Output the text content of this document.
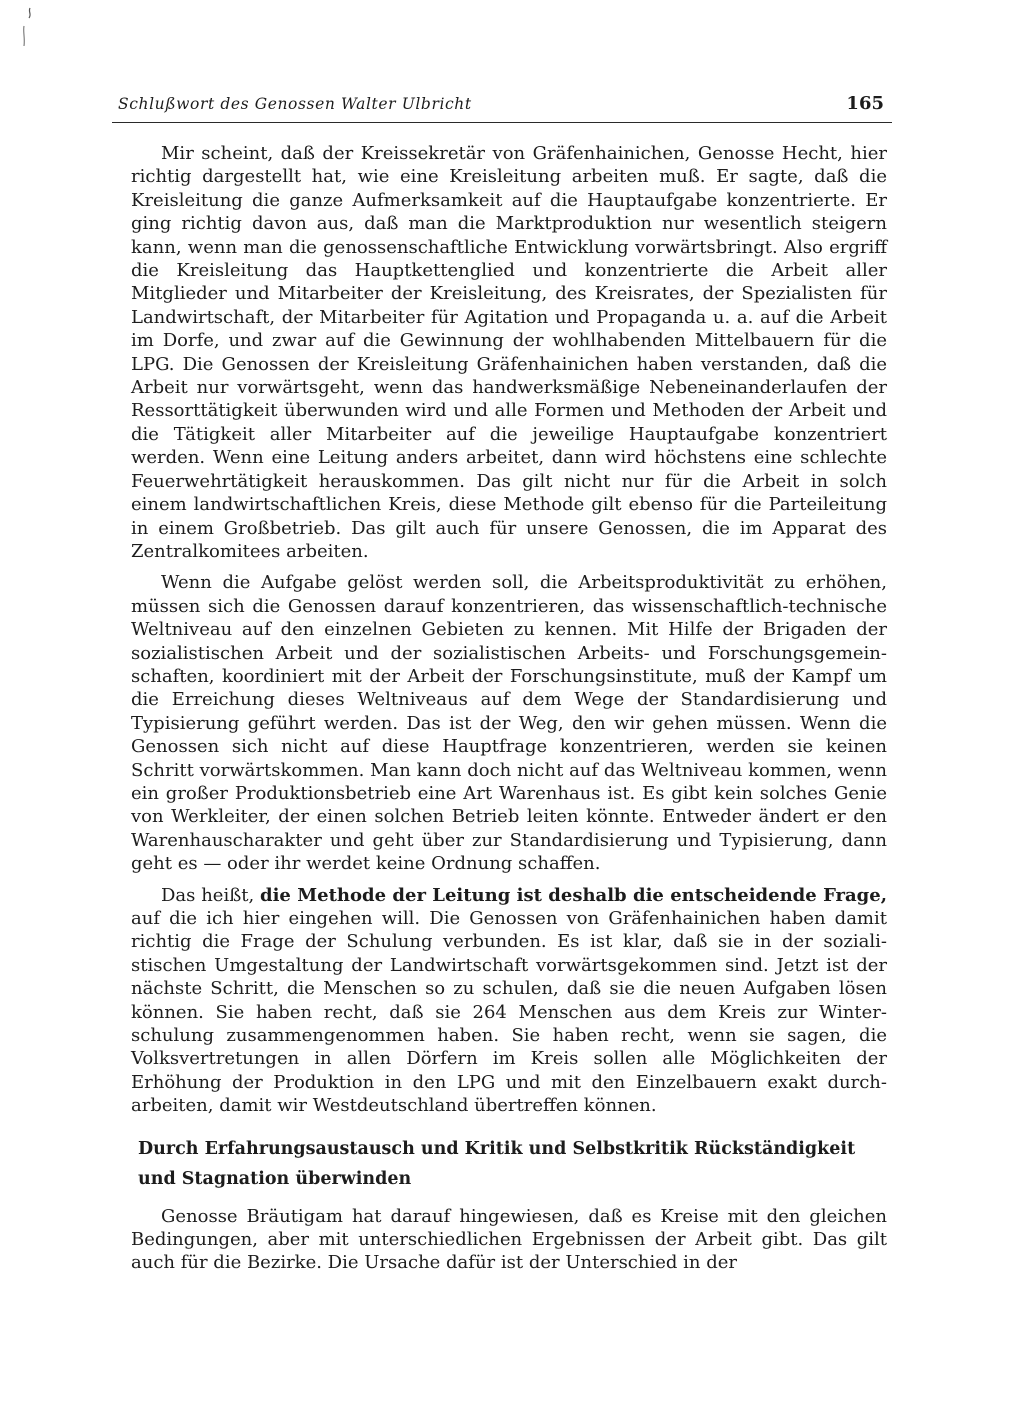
Schlußwort des Genossen Walter Ulbricht	165

Mir scheint, daß der Kreissekretär von Gräfenhainichen, Genosse Hecht, hier richtig dargestellt hat, wie eine Kreisleitung arbeiten muß. Er sagte, daß die Kreisleitung die ganze Aufmerksamkeit auf die Hauptaufgabe konzentrierte. Er ging richtig davon aus, daß man die Marktproduktion nur wesentlich steigern kann, wenn man die genossenschaftliche Entwicklung vorwärtsbringt. Also ergriff die Kreisleitung das Hauptkettenglied und konzentrierte die Arbeit aller Mitglieder und Mitarbeiter der Kreisleitung, des Kreisrates, der Spezialisten für Landwirtschaft, der Mitarbeiter für Agitation und Propaganda u. a. auf die Arbeit im Dorfe, und zwar auf die Gewinnung der wohlhabenden Mittelbauern für die LPG. Die Genossen der Kreisleitung Gräfenhainichen haben verstanden, daß die Arbeit nur vorwärtsgeht, wenn das handwerksmäßige Nebeneinanderlaufen der Ressorttätigkeit überwunden wird und alle Formen und Methoden der Arbeit und die Tätigkeit aller Mitarbeiter auf die jeweilige Hauptaufgabe konzentriert werden. Wenn eine Leitung anders arbeitet, dann wird höchstens eine schlechte Feuerwehrtätigkeit herauskommen. Das gilt nicht nur für die Arbeit in solch einem landwirtschaftlichen Kreis, diese Methode gilt ebenso für die Parteileitung in einem Großbetrieb. Das gilt auch für unsere Genossen, die im Apparat des Zentralkomitees arbeiten.

Wenn die Aufgabe gelöst werden soll, die Arbeitsproduktivität zu erhöhen, müssen sich die Genossen darauf konzentrieren, das wissenschaftlich-technische Weltniveau auf den einzelnen Gebieten zu kennen. Mit Hilfe der Brigaden der sozialistischen Arbeit und der sozialistischen Arbeits- und Forschungsgemeinschaften, koordiniert mit der Arbeit der Forschungsinstitute, muß der Kampf um die Erreichung dieses Weltniveaus auf dem Wege der Standardisierung und Typisierung geführt werden. Das ist der Weg, den wir gehen müssen. Wenn die Genossen sich nicht auf diese Hauptfrage konzentrieren, werden sie keinen Schritt vorwärtskommen. Man kann doch nicht auf das Weltniveau kommen, wenn ein großer Produktionsbetrieb eine Art Warenhaus ist. Es gibt kein solches Genie von Werkleiter, der einen solchen Betrieb leiten könnte. Entweder ändert er den Warenhauscharakter und geht über zur Standardisierung und Typisierung, dann geht es — oder ihr werdet keine Ordnung schaffen.

Das heißt, die Methode der Leitung ist deshalb die entscheidende Frage, auf die ich hier eingehen will. Die Genossen von Gräfenhainichen haben damit richtig die Frage der Schulung verbunden. Es ist klar, daß sie in der sozialistischen Umgestaltung der Landwirtschaft vorwärtsgekommen sind. Jetzt ist der nächste Schritt, die Menschen so zu schulen, daß sie die neuen Aufgaben lösen können. Sie haben recht, daß sie 264 Menschen aus dem Kreis zur Winterschulung zusammengenommen haben. Sie haben recht, wenn sie sagen, die Volksvertretungen in allen Dörfern im Kreis sollen alle Möglichkeiten der Erhöhung der Produktion in den LPG und mit den Einzelbauern exakt durcharbeiten, damit wir Westdeutschland übertreffen können.

Durch Erfahrungsaustausch und Kritik und Selbstkritik Rückständigkeit und Stagnation überwinden

Genosse Bräutigam hat darauf hingewiesen, daß es Kreise mit den gleichen Bedingungen, aber mit unterschiedlichen Ergebnissen der Arbeit gibt. Das gilt auch für die Bezirke. Die Ursache dafür ist der Unterschied in der
